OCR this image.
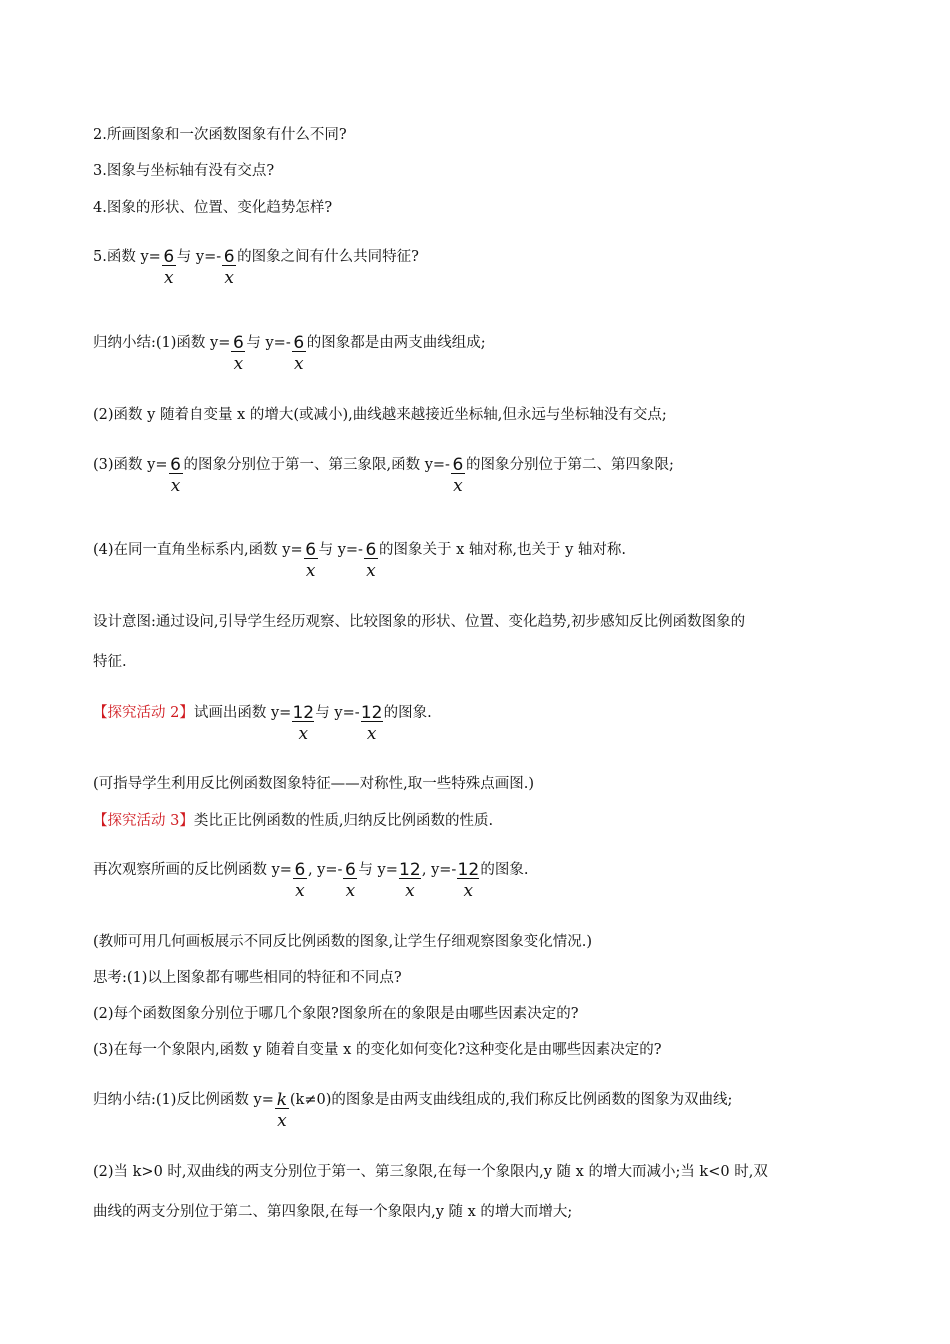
2.所画图象和一次函数图象有什么不同?
3.图象与坐标轴有没有交点?
4.图象的形状、位置、变化趋势怎样?
5.函数 $y= \frac{6}{x}$ 与 $y=- \frac{6}{x}$ 的图象之间有什么共同特征?
归纳小结:(1)函数 $y= \frac{6}{x}$ 与 $y=- \frac{6}{x}$ 的图象都是由两支曲线组成;
(2)函数 y 随着自变量 x 的增大(或减小),曲线越来越接近坐标轴,但永远与坐标轴没有交点;
(3)函数 $y= \frac{6}{x}$ 的图象分别位于第一、第三象限,函数 $y=- \frac{6}{x}$ 的图象分别位于第二、第四象限;
(4)在同一直角坐标系内,函数 $y= \frac{6}{x}$ 与 $y=- \frac{6}{x}$ 的图象关于 x 轴对称,也关于 y 轴对称.
设计意图:通过设问,引导学生经历观察、比较图象的形状、位置、变化趋势,初步感知反比例函数图象的
特征.
【探究活动 2】试画出函数 $y= \frac{12}{x}$ 与 $y=- \frac{12}{x}$ 的图象.
(可指导学生利用反比例函数图象特征——对称性,取一些特殊点画图.)
【探究活动 3】类比正比例函数的性质,归纳反比例函数的性质.
再次观察所画的反比例函数 $y= \frac{6}{x}$ , $y=- \frac{6}{x}$ 与 $y= \frac{12}{x}$ , $y=- \frac{12}{x}$ 的图象.
(教师可用几何画板展示不同反比例函数的图象,让学生仔细观察图象变化情况.)
思考:(1)以上图象都有哪些相同的特征和不同点?
(2)每个函数图象分别位于哪几个象限?图象所在的象限是由哪些因素决定的?
(3)在每一个象限内,函数 y 随着自变量 x 的变化如何变化?这种变化是由哪些因素决定的?
归纳小结:(1)反比例函数 $y= \frac{k}{x} (k\ne 0)$的图象是由两支曲线组成的,我们称反比例函数的图象为双曲线;
(2)当 k>0 时,双曲线的两支分别位于第一、第三象限,在每一个象限内,y 随 x 的增大而减小;当 k<0 时,双
曲线的两支分别位于第二、第四象限,在每一个象限内,y 随 x 的增大而增大;
